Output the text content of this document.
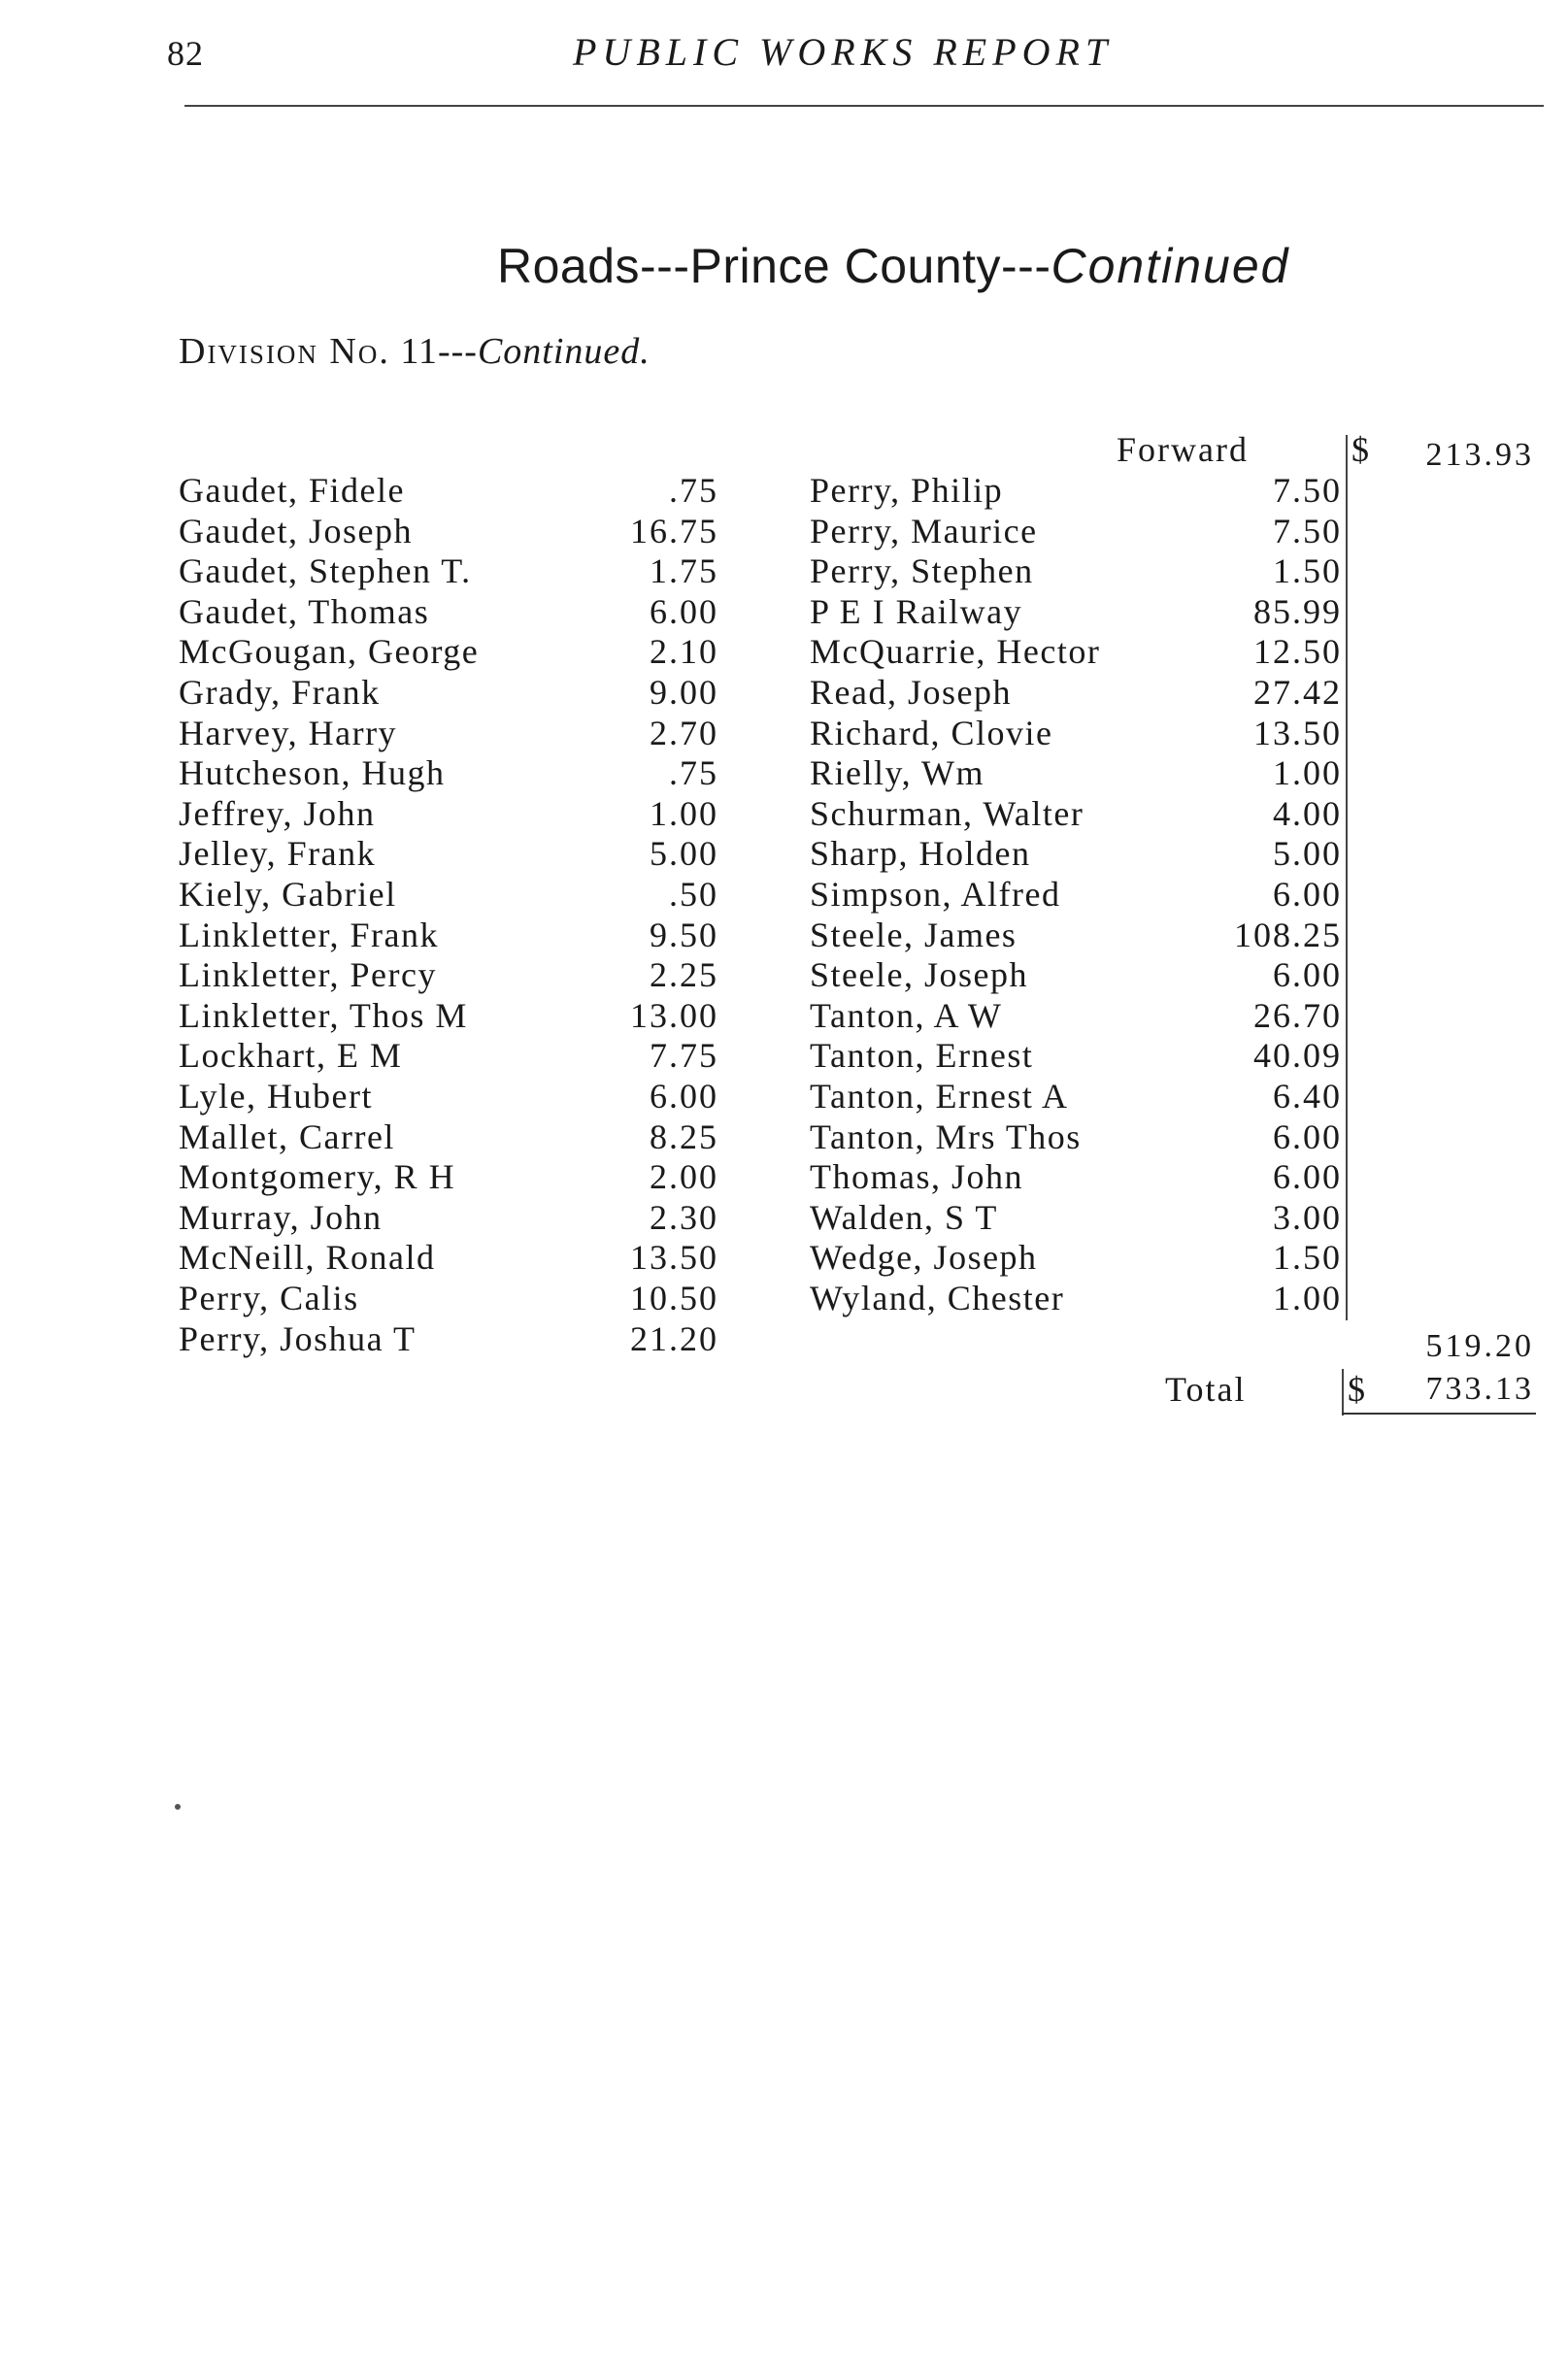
82	PUBLIC WORKS REPORT
Roads---Prince County---Continued
Division No. 11---Continued.
Gaudet, Fidele	.75
Gaudet, Joseph	16.75
Gaudet, Stephen T.	1.75
Gaudet, Thomas	6.00
McGougan, George	2.10
Grady, Frank	9.00
Harvey, Harry	2.70
Hutcheson, Hugh	.75
Jeffrey, John	1.00
Jelley, Frank	5.00
Kiely, Gabriel	.50
Linkletter, Frank	9.50
Linkletter, Percy	2.25
Linkletter, Thos M	13.00
Lockhart, E M	7.75
Lyle, Hubert	6.00
Mallet, Carrel	8.25
Montgomery, R H	2.00
Murray, John	2.30
McNeill, Ronald	13.50
Perry, Calis	10.50
Perry, Joshua T	21.20
Perry, Philip	7.50
Perry, Maurice	7.50
Perry, Stephen	1.50
P E I Railway	85.99
McQuarrie, Hector	12.50
Read, Joseph	27.42
Richard, Clovie	13.50
Rielly, Wm	1.00
Schurman, Walter	4.00
Sharp, Holden	5.00
Simpson, Alfred	6.00
Steele, James	108.25
Steele, Joseph	6.00
Tanton, A W	26.70
Tanton, Ernest	40.09
Tanton, Ernest A	6.40
Tanton, Mrs Thos	6.00
Thomas, John	6.00
Walden, S T	3.00
Wedge, Joseph	1.50
Wyland, Chester	1.00
Forward	$	213.93
519.20
Total	$	733.13
